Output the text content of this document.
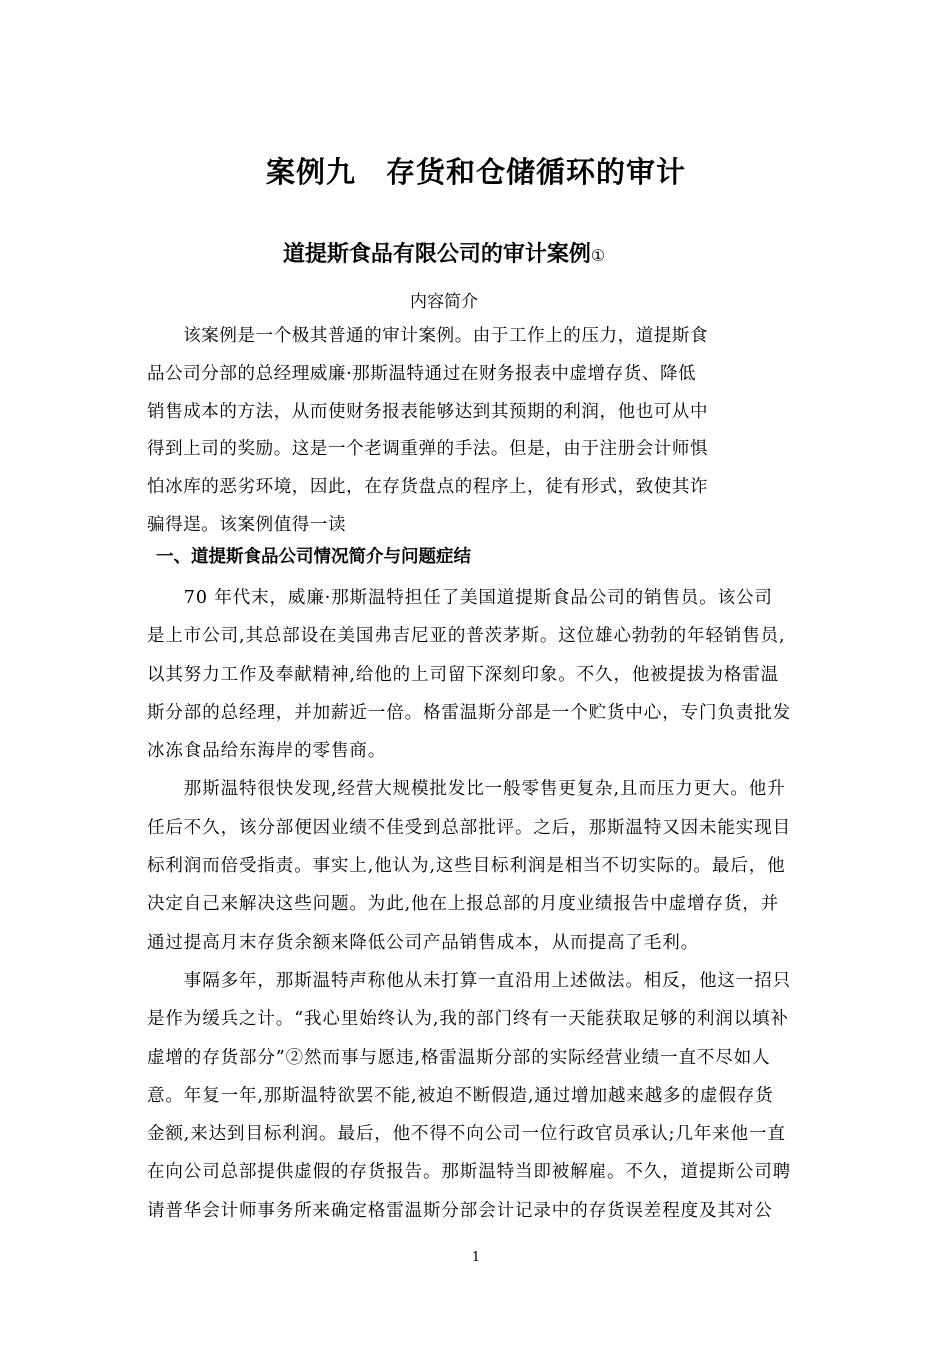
案例九　存货和仓储循环的审计
道提斯食品有限公司的审计案例①
内容简介
　　该案例是一个极其普通的审计案例。由于工作上的压力，道提斯食
品公司分部的总经理威廉·那斯温特通过在财务报表中虚增存货、降低
销售成本的方法，从而使财务报表能够达到其预期的利润，他也可从中
得到上司的奖励。这是一个老调重弹的手法。但是，由于注册会计师惧
怕冰库的恶劣环境，因此，在存货盘点的程序上，徒有形式，致使其诈
骗得逞。该案例值得一读
一、道提斯食品公司情况简介与问题症结
　　70 年代末，威廉·那斯温特担任了美国道提斯食品公司的销售员。该公司
是上市公司,其总部设在美国弗吉尼亚的普茨茅斯。这位雄心勃勃的年轻销售员,
以其努力工作及奉献精神,给他的上司留下深刻印象。不久，他被提拔为格雷温
斯分部的总经理，并加薪近一倍。格雷温斯分部是一个贮货中心，专门负责批发
冰冻食品给东海岸的零售商。
　　那斯温特很快发现,经营大规模批发比一般零售更复杂,且而压力更大。他升
任后不久，该分部便因业绩不佳受到总部批评。之后，那斯温特又因未能实现目
标利润而倍受指责。事实上,他认为,这些目标利润是相当不切实际的。最后，他
决定自己来解决这些问题。为此,他在上报总部的月度业绩报告中虚增存货，并
通过提高月末存货余额来降低公司产品销售成本，从而提高了毛利。
　　事隔多年，那斯温特声称他从未打算一直沿用上述做法。相反，他这一招只
是作为缓兵之计。“我心里始终认为,我的部门终有一天能获取足够的利润以填补
虚增的存货部分”②然而事与愿违,格雷温斯分部的实际经营业绩一直不尽如人
意。年复一年,那斯温特欲罢不能,被迫不断假造,通过增加越来越多的虚假存货
金额,来达到目标利润。最后，他不得不向公司一位行政官员承认;几年来他一直
在向公司总部提供虚假的存货报告。那斯温特当即被解雇。不久，道提斯公司聘
请普华会计师事务所来确定格雷温斯分部会计记录中的存货误差程度及其对公
1
